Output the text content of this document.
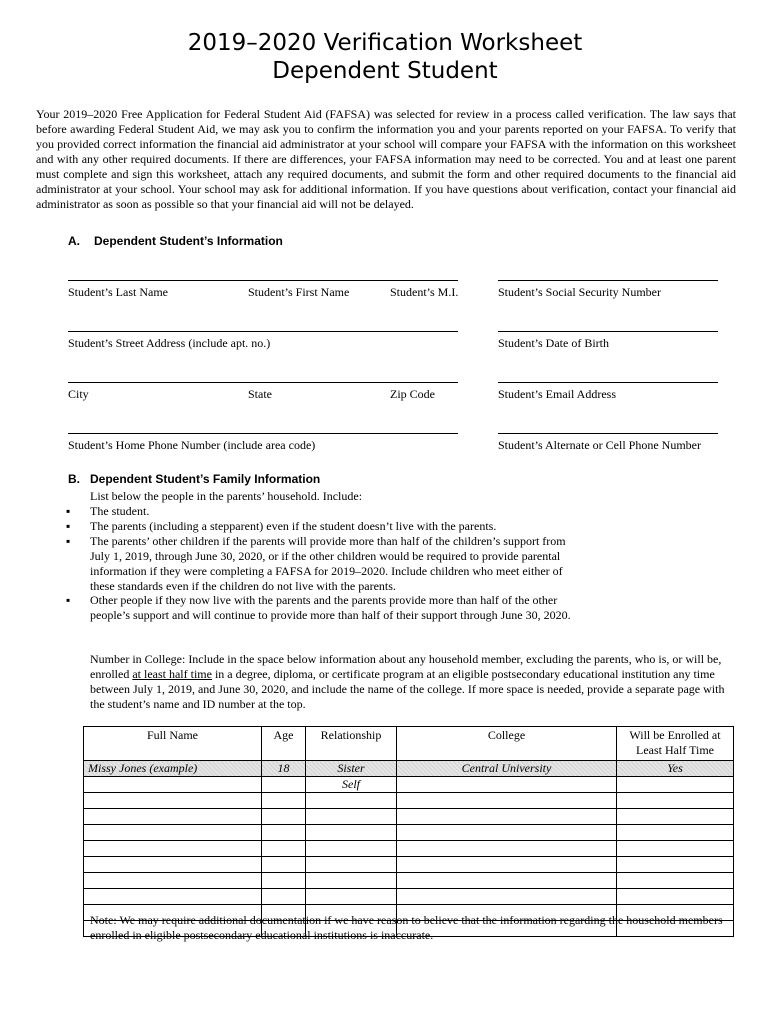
2019–2020 Verification Worksheet
Dependent Student
Your 2019–2020 Free Application for Federal Student Aid (FAFSA) was selected for review in a process called verification. The law says that before awarding Federal Student Aid, we may ask you to confirm the information you and your parents reported on your FAFSA. To verify that you provided correct information the financial aid administrator at your school will compare your FAFSA with the information on this worksheet and with any other required documents. If there are differences, your FAFSA information may need to be corrected. You and at least one parent must complete and sign this worksheet, attach any required documents, and submit the form and other required documents to the financial aid administrator at your school. Your school may ask for additional information. If you have questions about verification, contact your financial aid administrator as soon as possible so that your financial aid will not be delayed.
A. Dependent Student’s Information
Student’s Last Name	Student’s First Name	Student’s M.I.	Student’s Social Security Number
Student’s Street Address (include apt. no.)	Student’s Date of Birth
City	State	Zip Code	Student’s Email Address
Student’s Home Phone Number (include area code)	Student’s Alternate or Cell Phone Number
B. Dependent Student’s Family Information
List below the people in the parents’ household. Include:
▪	The student.
▪	The parents (including a stepparent) even if the student doesn’t live with the parents.
▪	The parents’ other children if the parents will provide more than half of the children’s support from July 1, 2019, through June 30, 2020, or if the other children would be required to provide parental information if they were completing a FAFSA for 2019–2020. Include children who meet either of these standards even if the children do not live with the parents.
▪	Other people if they now live with the parents and the parents provide more than half of the other people’s support and will continue to provide more than half of their support through June 30, 2020.
Number in College: Include in the space below information about any household member, excluding the parents, who is, or will be, enrolled at least half time in a degree, diploma, or certificate program at an eligible postsecondary educational institution any time between July 1, 2019, and June 30, 2020, and include the name of the college. If more space is needed, provide a separate page with the student’s name and ID number at the top.
Full Name	Age	Relationship	College	Will be Enrolled at Least Half Time
Missy Jones (example)	18	Sister	Central University	Yes
		Self		

Note: We may require additional documentation if we have reason to believe that the information regarding the household members enrolled in eligible postsecondary educational institutions is inaccurate.
